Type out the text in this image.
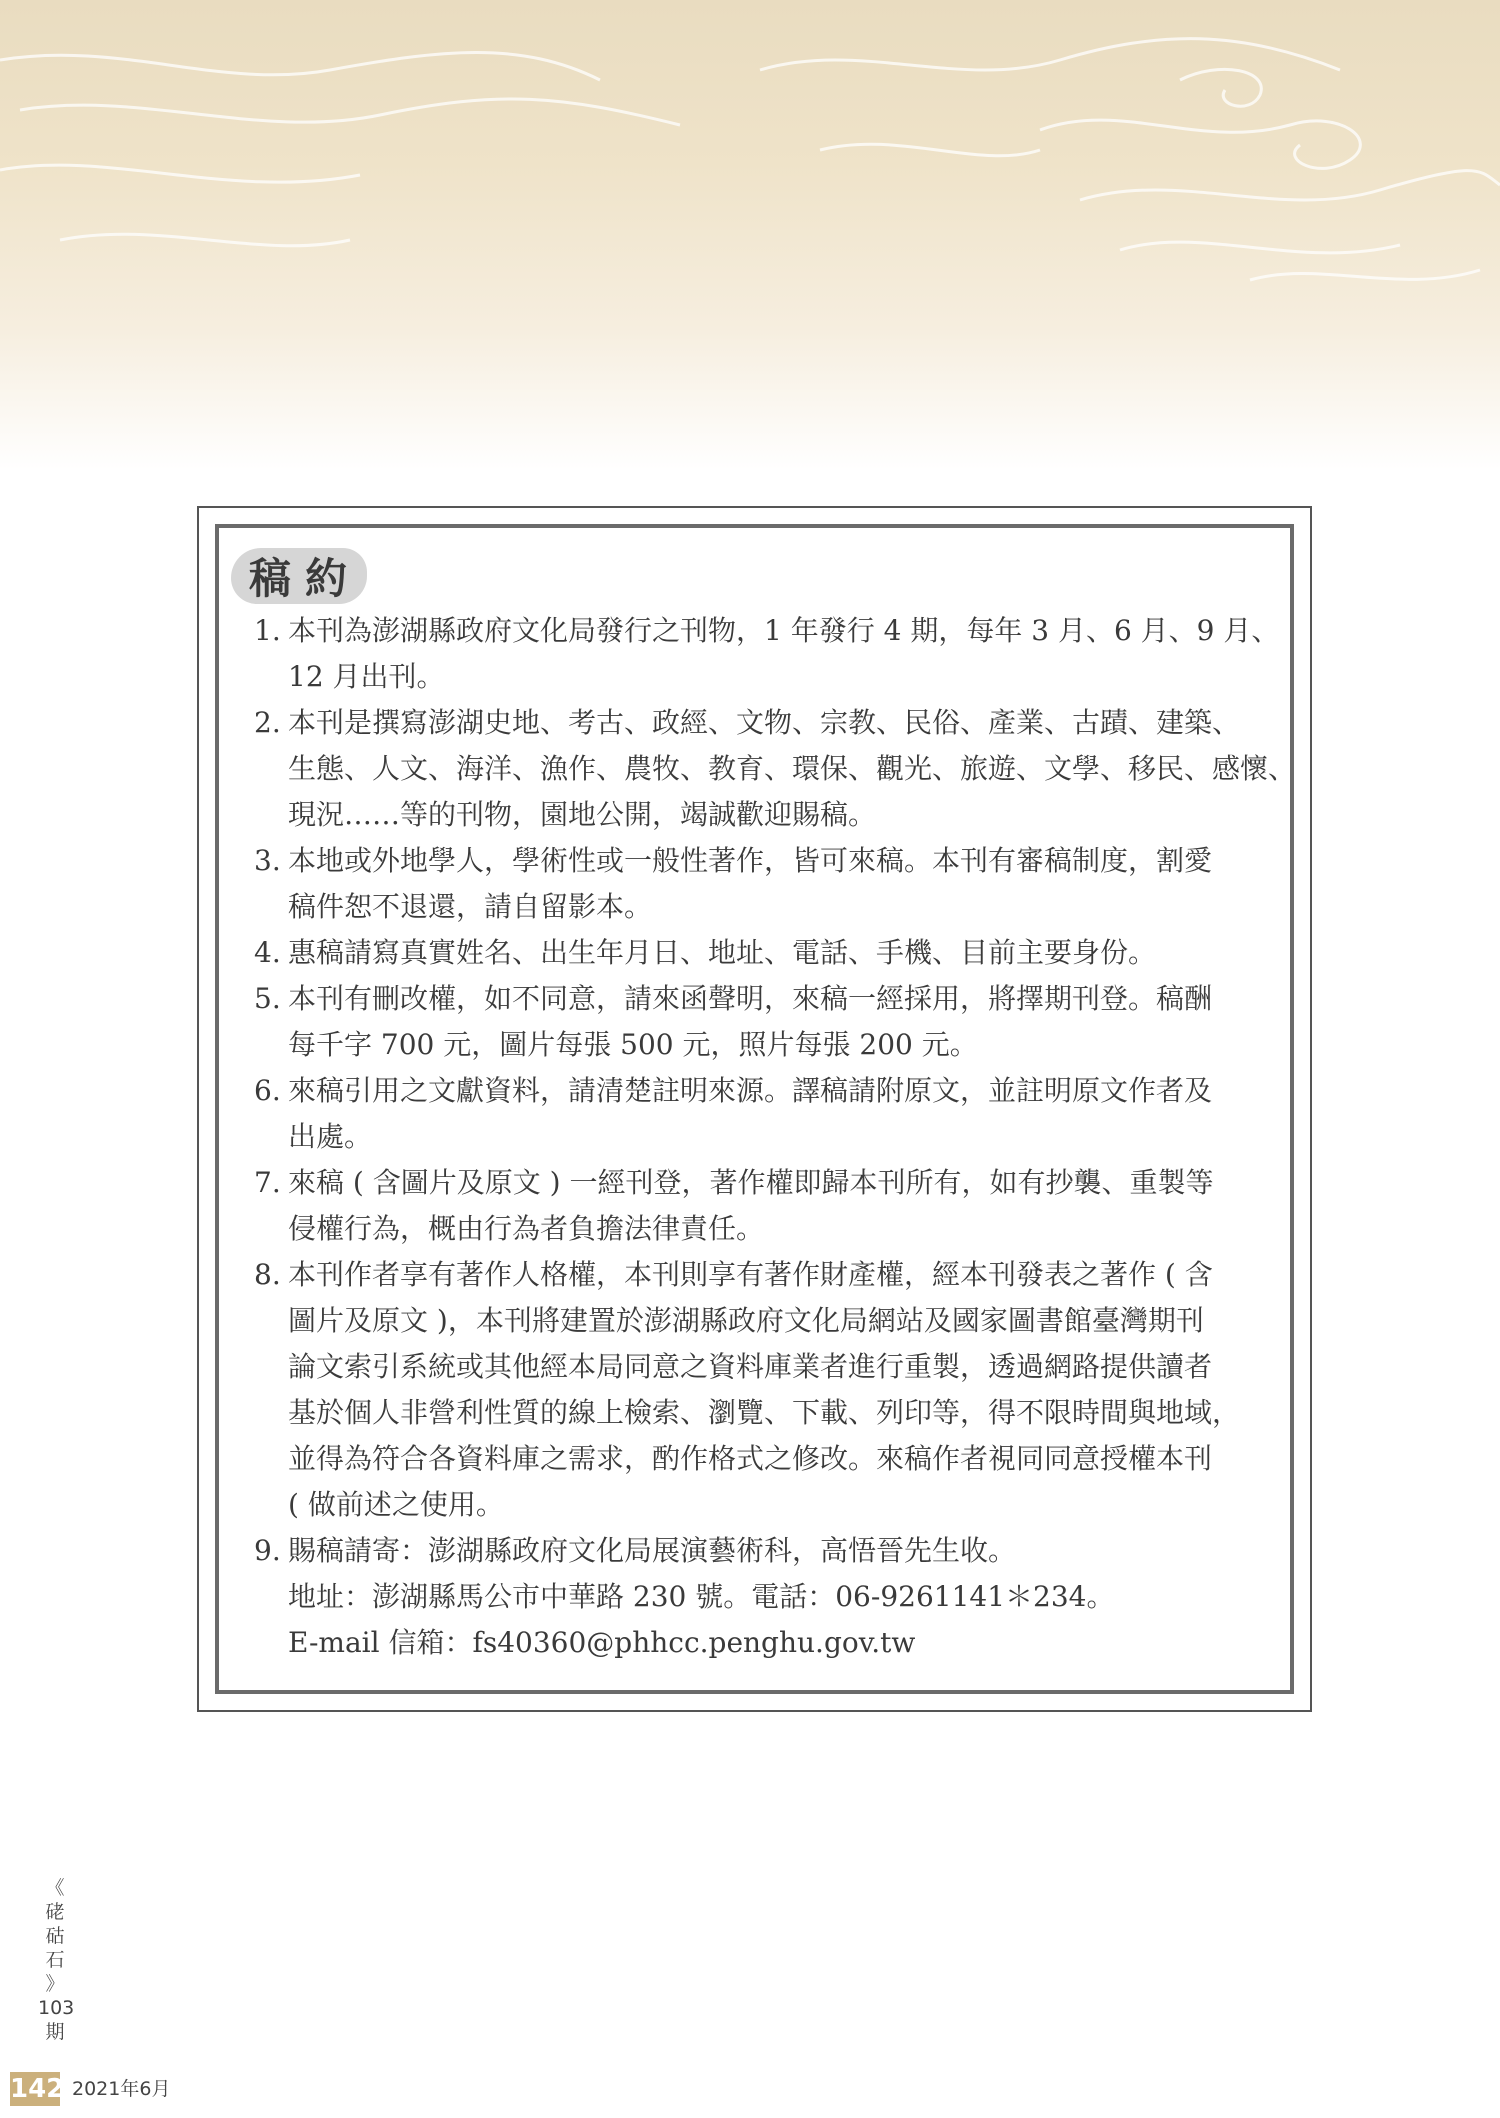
稿約
1. 本刊為澎湖縣政府文化局發行之刊物，1 年發行 4 期，每年 3 月、6 月、9 月、
12 月出刊。
2. 本刊是撰寫澎湖史地、考古、政經、文物、宗教、民俗、產業、古蹟、建築、
生態、人文、海洋、漁作、農牧、教育、環保、觀光、旅遊、文學、移民、感懷、
現況……等的刊物，園地公開，竭誠歡迎賜稿。
3. 本地或外地學人，學術性或一般性著作，皆可來稿。本刊有審稿制度，割愛
稿件恕不退還，請自留影本。
4. 惠稿請寫真實姓名、出生年月日、地址、電話、手機、目前主要身份。
5. 本刊有刪改權，如不同意，請來函聲明，來稿一經採用，將擇期刊登。稿酬
每千字 700 元，圖片每張 500 元，照片每張 200 元。
6. 來稿引用之文獻資料，請清楚註明來源。譯稿請附原文，並註明原文作者及
出處。
7. 來稿 ( 含圖片及原文 ) 一經刊登，著作權即歸本刊所有，如有抄襲、重製等
侵權行為，概由行為者負擔法律責任。
8. 本刊作者享有著作人格權，本刊則享有著作財產權，經本刊發表之著作 ( 含
圖片及原文 )，本刊將建置於澎湖縣政府文化局網站及國家圖書館臺灣期刊
論文索引系統或其他經本局同意之資料庫業者進行重製，透過網路提供讀者
基於個人非營利性質的線上檢索、瀏覽、下載、列印等，得不限時間與地域，
並得為符合各資料庫之需求，酌作格式之修改。來稿作者視同同意授權本刊
( 做前述之使用。
9. 賜稿請寄：澎湖縣政府文化局展演藝術科，高悟晉先生收。
地址：澎湖縣馬公市中華路 230 號。電話：06-9261141＊234。
E-mail 信箱：fs40360@phhcc.penghu.gov.tw
《
硓
𥑮
石
》
103
期
142 2021年6月
